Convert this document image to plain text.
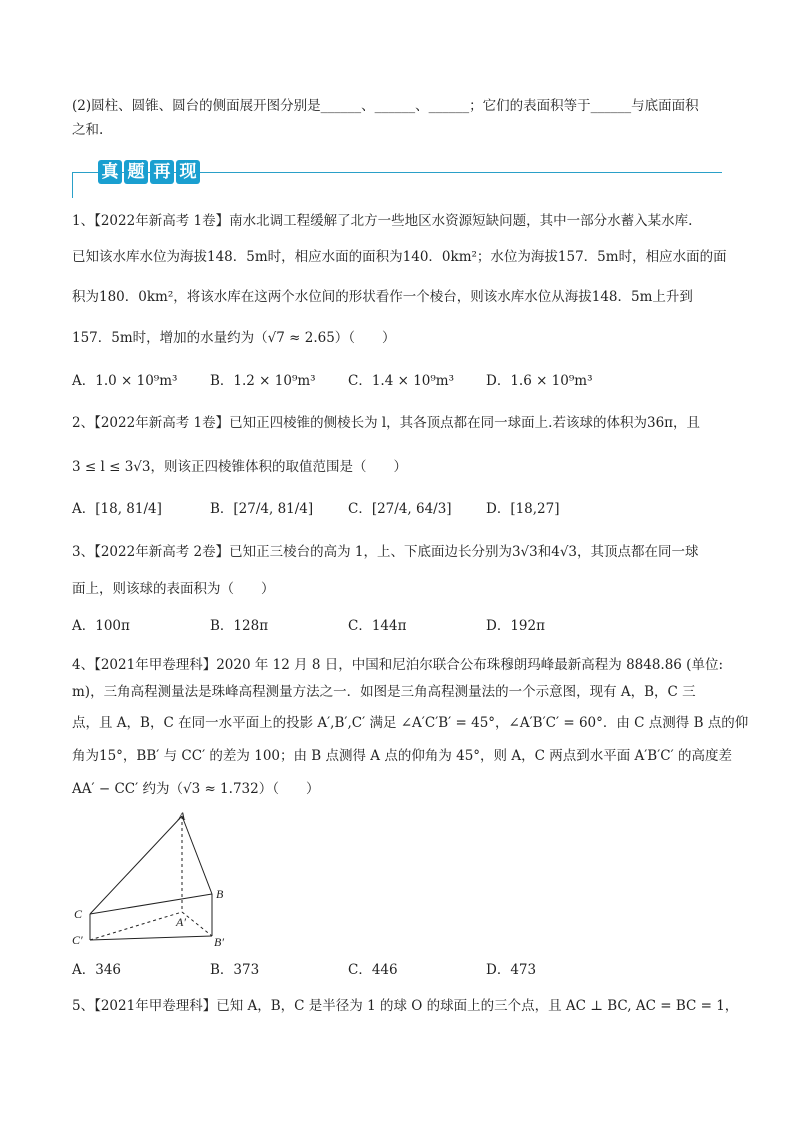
(2)圆柱、圆锥、圆台的侧面展开图分别是______、______、______；它们的表面积等于______与底面面积
之和.
真 题 再 现
1、【2022年新高考 1卷】南水北调工程缓解了北方一些地区水资源短缺问题，其中一部分水蓄入某水库.
已知该水库水位为海拔148．5m时，相应水面的面积为140．0km²；水位为海拔157．5m时，相应水面的面
积为180．0km²，将该水库在这两个水位间的形状看作一个棱台，则该水库水位从海拔148．5m上升到
157．5m时，增加的水量约为（√7 ≈ 2.65）（　　）
A．1.0 × 10⁹m³ B．1.2 × 10⁹m³ C．1.4 × 10⁹m³ D．1.6 × 10⁹m³
2、【2022年新高考 1卷】已知正四棱锥的侧棱长为 l，其各顶点都在同一球面上.若该球的体积为36π，且
3 ≤ l ≤ 3√3，则该正四棱锥体积的取值范围是（　　）
A．[18, 81/4]	B．[27/4, 81/4]	C．[27/4, 64/3]	D．[18,27]
3、【2022年新高考 2卷】已知正三棱台的高为 1，上、下底面边长分别为3√3和4√3，其顶点都在同一球
面上，则该球的表面积为（　　）
A．100π	B．128π	C．144π	D．192π
4、【2021年甲卷理科】2020 年 12 月 8 日，中国和尼泊尔联合公布珠穆朗玛峰最新高程为 8848.86 (单位:
m)，三角高程测量法是珠峰高程测量方法之一．如图是三角高程测量法的一个示意图，现有 A，B，C 三
点，且 A，B，C 在同一水平面上的投影 A′,B′,C′ 满足 ∠A′C′B′ = 45°，∠A′B′C′ = 60°．由 C 点测得 B 点的仰
角为15°，BB′ 与 CC′ 的差为 100；由 B 点测得 A 点的仰角为 45°，则 A，C 两点到水平面 A′B′C′ 的高度差
AA′ − CC′ 约为（√3 ≈ 1.732）（　　）
A
B
C
A′
B′
C′
A．346	B．373	C．446	D．473
5、【2021年甲卷理科】已知 A，B，C 是半径为 1 的球 O 的球面上的三个点，且 AC ⊥ BC, AC = BC = 1，
